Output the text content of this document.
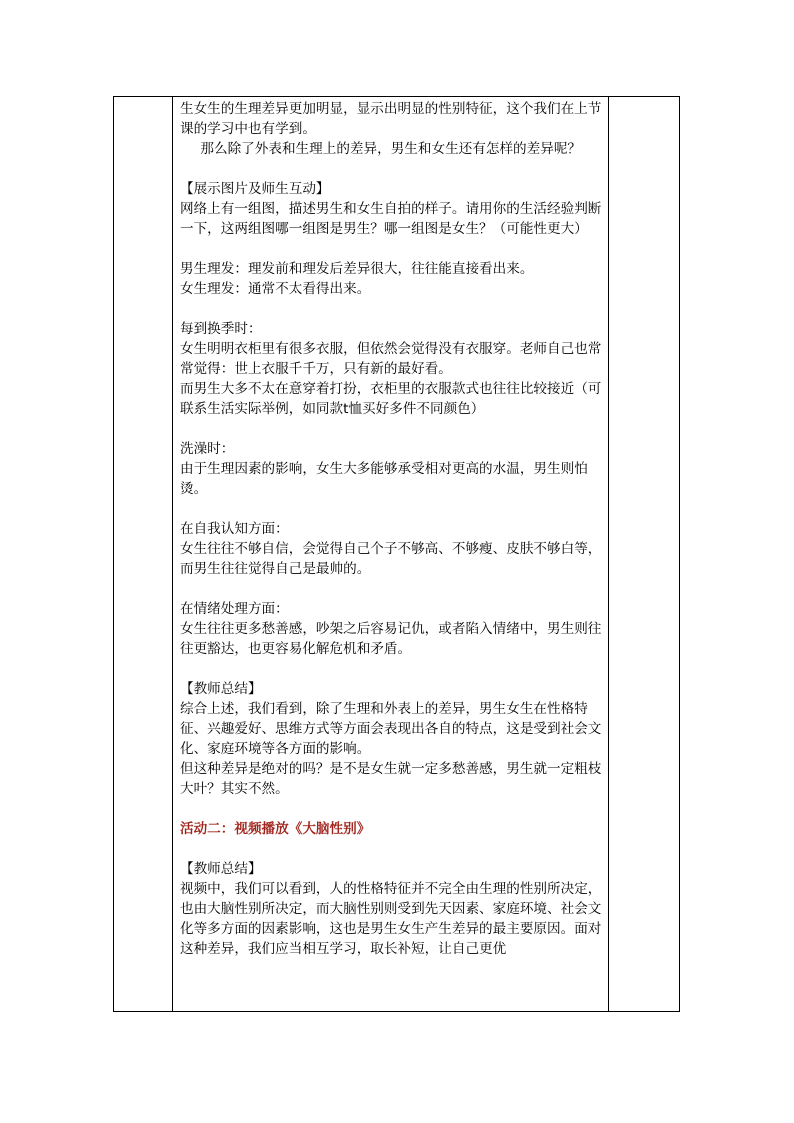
生女生的生理差异更加明显，显示出明显的性别特征，这个我们在上节课的学习中也有学到。

那么除了外表和生理上的差异，男生和女生还有怎样的差异呢？

【展示图片及师生互动】

网络上有一组图，描述男生和女生自拍的样子。请用你的生活经验判断一下，这两组图哪一组图是男生？哪一组图是女生？（可能性更大）

男生理发：理发前和理发后差异很大，往往能直接看出来。

女生理发：通常不太看得出来。

每到换季时：

女生明明衣柜里有很多衣服，但依然会觉得没有衣服穿。老师自己也常常觉得：世上衣服千千万，只有新的最好看。

而男生大多不太在意穿着打扮，衣柜里的衣服款式也往往比较接近（可联系生活实际举例，如同款t恤买好多件不同颜色）

洗澡时：

由于生理因素的影响，女生大多能够承受相对更高的水温，男生则怕烫。

在自我认知方面：

女生往往不够自信，会觉得自己个子不够高、不够瘦、皮肤不够白等，而男生往往觉得自己是最帅的。

在情绪处理方面：

女生往往更多愁善感，吵架之后容易记仇，或者陷入情绪中，男生则往往更豁达，也更容易化解危机和矛盾。

【教师总结】

综合上述，我们看到，除了生理和外表上的差异，男生女生在性格特征、兴趣爱好、思维方式等方面会表现出各自的特点，这是受到社会文化、家庭环境等各方面的影响。

但这种差异是绝对的吗？是不是女生就一定多愁善感，男生就一定粗枝大叶？其实不然。

活动二：视频播放《大脑性别》

【教师总结】

视频中，我们可以看到，人的性格特征并不完全由生理的性别所决定，也由大脑性别所决定，而大脑性别则受到先天因素、家庭环境、社会文化等多方面的因素影响，这也是男生女生产生差异的最主要原因。面对这种差异，我们应当相互学习，取长补短，让自己更优
